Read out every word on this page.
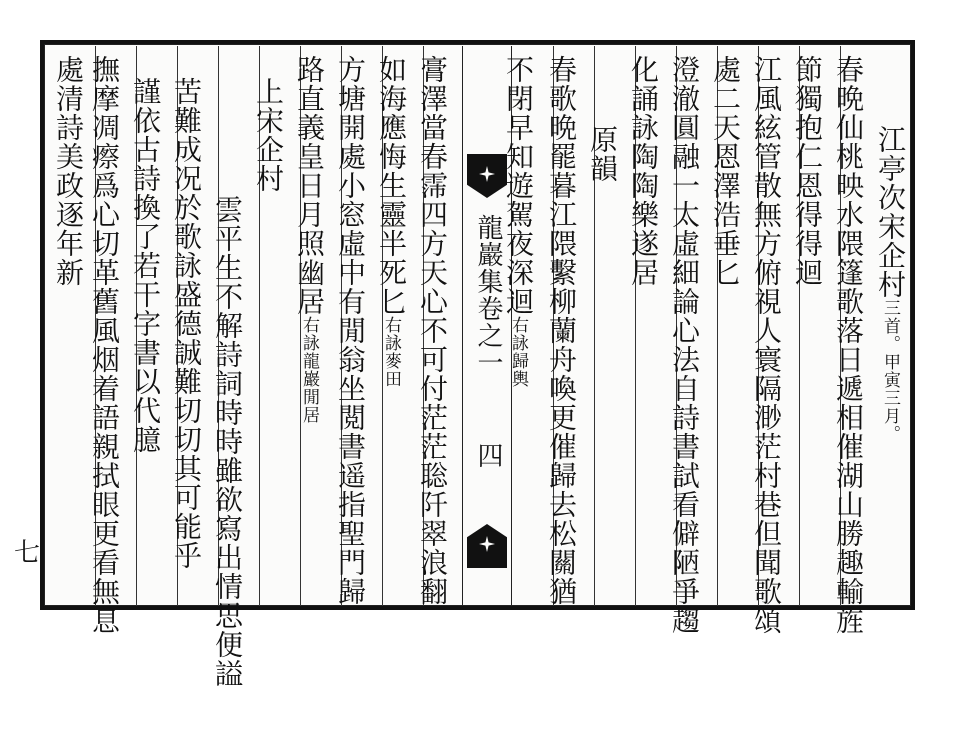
七
龍巖集卷之一
四
江亭次宋企村三首。甲寅三月。
春晩仙桃映水隈篷歌落日遞相催湖山勝趣輸旌
節獨抱仁恩得得迴
江風絃管散無方俯視人寰隔渺茫村巷但聞歌頌
處二天恩澤浩垂匕
澄澈圓融一太虛細論心法自詩書試看僻陋爭趨
化誦詠陶陶樂遂居
原韻
春歌晩罷暮江隈繫柳蘭舟喚更催歸去松關猶
不閉早知遊駕夜深迴右詠歸輿
膏澤當春霈四方天心不可付茫茫聡阡翠浪翻
如海應悔生靈半死匕右詠麥田
方塘開處小窓虛中有閒翁坐閲書遥指聖門歸
路直義皇日月照幽居右詠龍巖閒居
上宋企村
雲平生不解詩詞時時雖欲寫出情思便謚
苦難成况於歌詠盛德誠難切切其可能乎
謹依古詩換了若干字書以代臆
撫摩凋瘵爲心切革舊風烟着語親拭眼更看無息
處清詩美政逐年新
